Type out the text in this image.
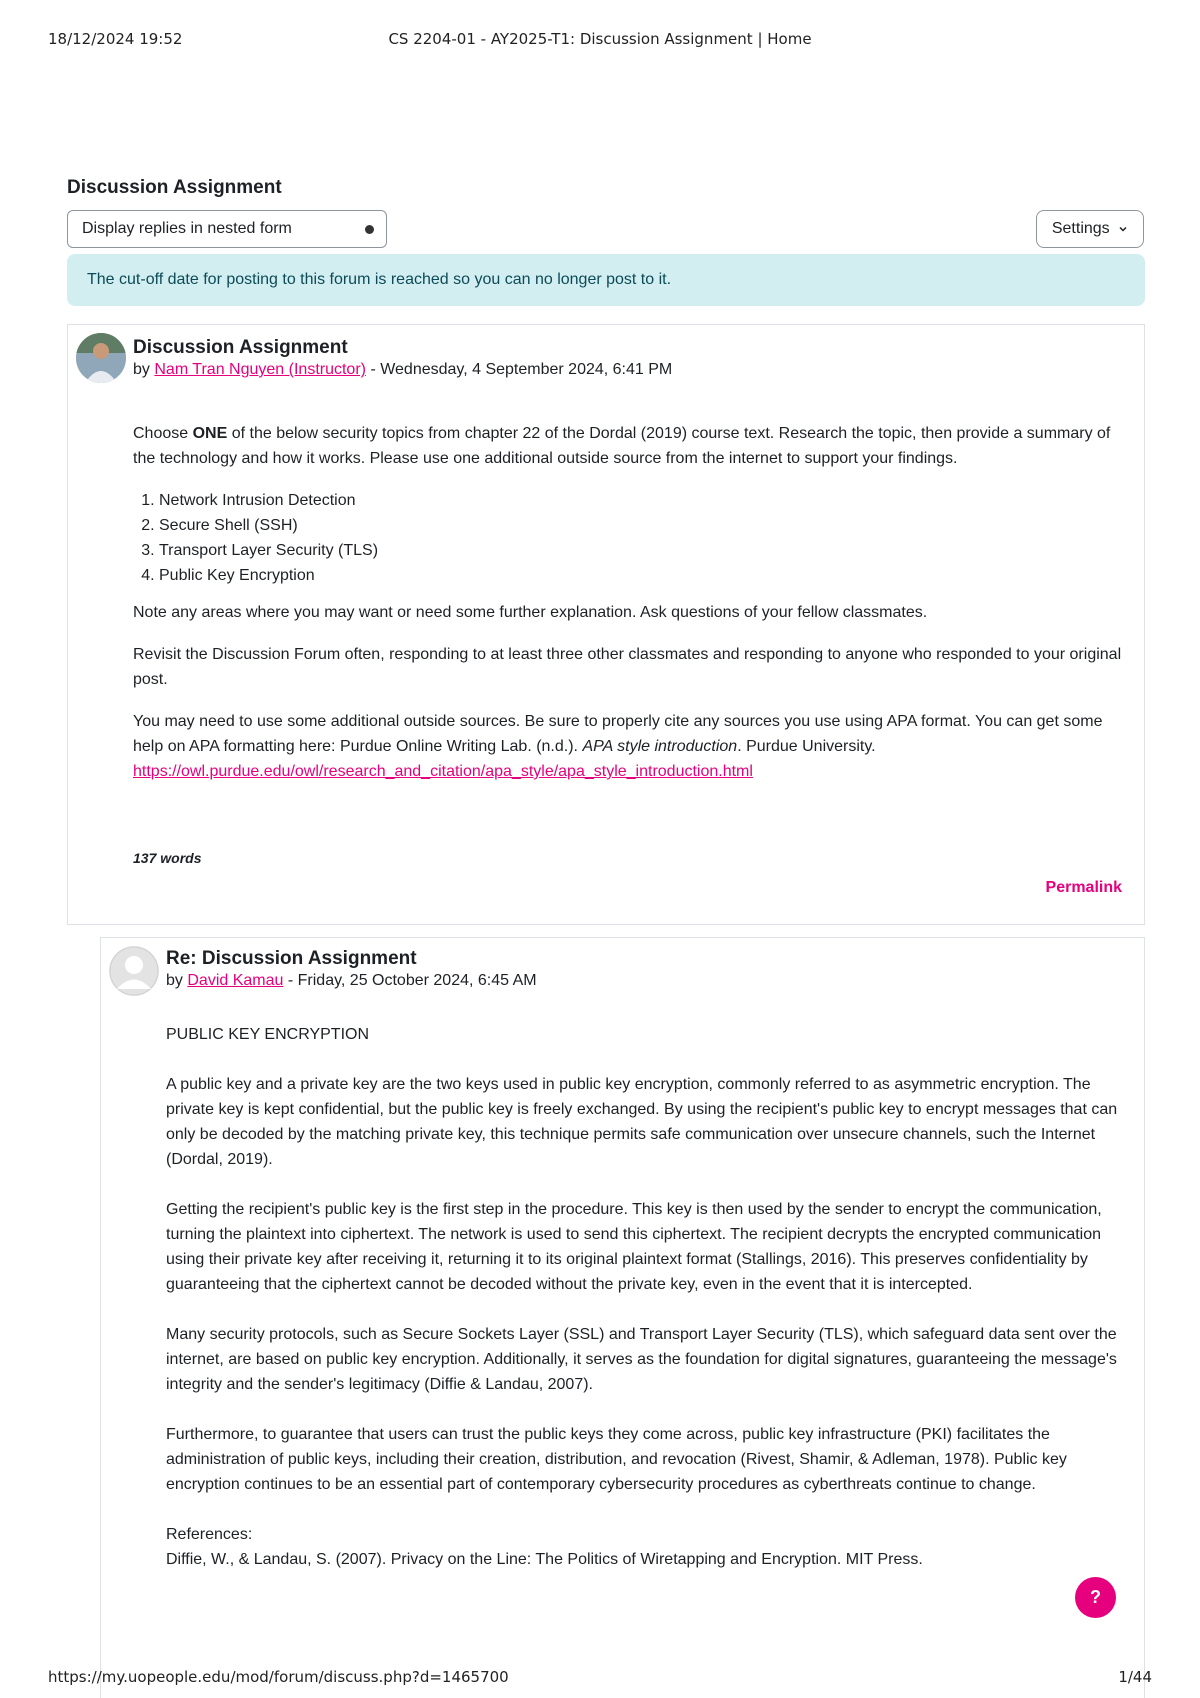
18/12/2024 19:52	CS 2204-01 - AY2025-T1: Discussion Assignment | Home
Discussion Assignment
Display replies in nested form	Settings
The cut-off date for posting to this forum is reached so you can no longer post to it.
Discussion Assignment
by Nam Tran Nguyen (Instructor) - Wednesday, 4 September 2024, 6:41 PM

Choose ONE of the below security topics from chapter 22 of the Dordal (2019) course text. Research the topic, then provide a summary of the technology and how it works. Please use one additional outside source from the internet to support your findings.

1. Network Intrusion Detection
2. Secure Shell (SSH)
3. Transport Layer Security (TLS)
4. Public Key Encryption

Note any areas where you may want or need some further explanation. Ask questions of your fellow classmates.

Revisit the Discussion Forum often, responding to at least three other classmates and responding to anyone who responded to your original post.

You may need to use some additional outside sources. Be sure to properly cite any sources you use using APA format. You can get some help on APA formatting here: Purdue Online Writing Lab. (n.d.). APA style introduction. Purdue University. https://owl.purdue.edu/owl/research_and_citation/apa_style/apa_style_introduction.html

137 words
Permalink
Re: Discussion Assignment
by David Kamau - Friday, 25 October 2024, 6:45 AM

PUBLIC KEY ENCRYPTION

A public key and a private key are the two keys used in public key encryption, commonly referred to as asymmetric encryption. The private key is kept confidential, but the public key is freely exchanged. By using the recipient's public key to encrypt messages that can only be decoded by the matching private key, this technique permits safe communication over unsecure channels, such the Internet (Dordal, 2019).

Getting the recipient's public key is the first step in the procedure. This key is then used by the sender to encrypt the communication, turning the plaintext into ciphertext. The network is used to send this ciphertext. The recipient decrypts the encrypted communication using their private key after receiving it, returning it to its original plaintext format (Stallings, 2016). This preserves confidentiality by guaranteeing that the ciphertext cannot be decoded without the private key, even in the event that it is intercepted.

Many security protocols, such as Secure Sockets Layer (SSL) and Transport Layer Security (TLS), which safeguard data sent over the internet, are based on public key encryption. Additionally, it serves as the foundation for digital signatures, guaranteeing the message's integrity and the sender's legitimacy (Diffie & Landau, 2007).

Furthermore, to guarantee that users can trust the public keys they come across, public key infrastructure (PKI) facilitates the administration of public keys, including their creation, distribution, and revocation (Rivest, Shamir, & Adleman, 1978). Public key encryption continues to be an essential part of contemporary cybersecurity procedures as cyberthreats continue to change.

References:

Diffie, W., & Landau, S. (2007). Privacy on the Line: The Politics of Wiretapping and Encryption. MIT Press.

?
https://my.uopeople.edu/mod/forum/discuss.php?d=1465700	1/44
